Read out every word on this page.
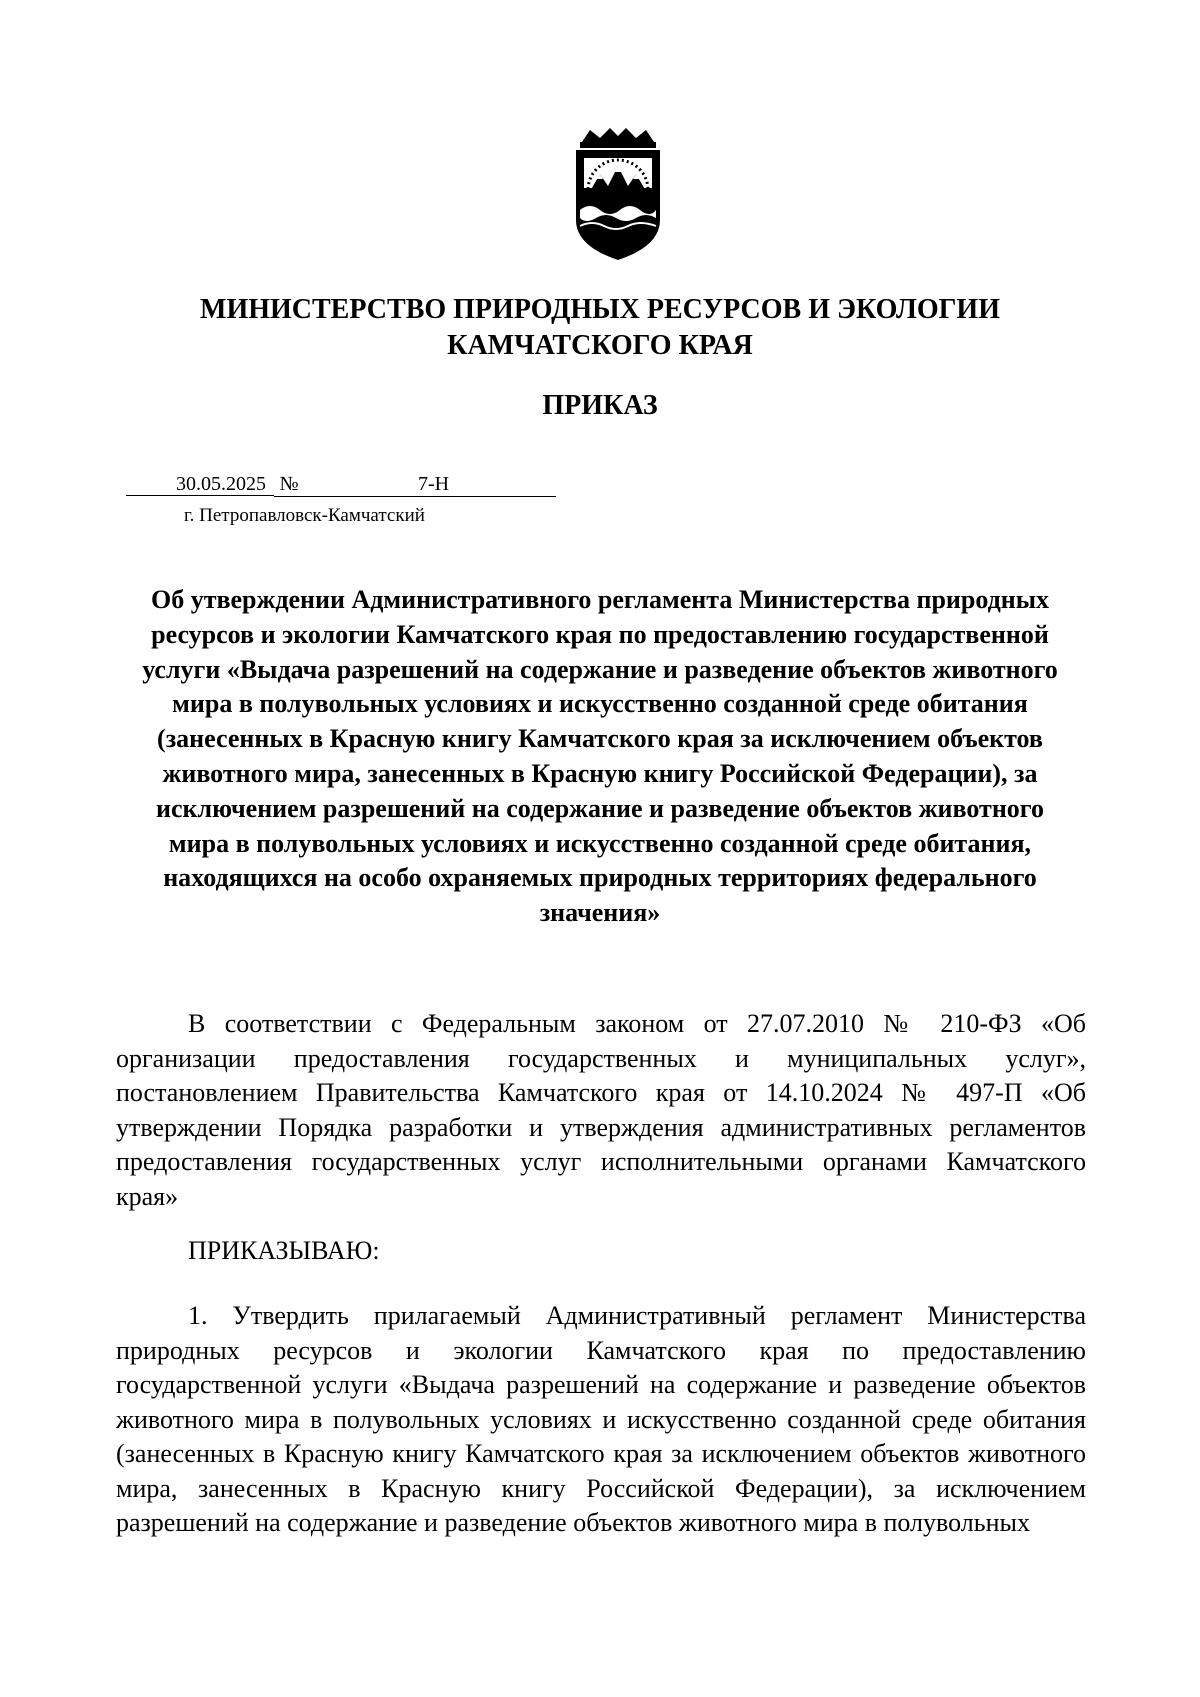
МИНИСТЕРСТВО ПРИРОДНЫХ РЕСУРСОВ И ЭКОЛОГИИ
КАМЧАТСКОГО КРАЯ
ПРИКАЗ
30.05.2025 №	7-Н
г. Петропавловск-Камчатский

Об утверждении Административного регламента Министерства природных ресурсов и экологии Камчатского края по предоставлению государственной услуги «Выдача разрешений на содержание и разведение объектов животного мира в полувольных условиях и искусственно созданной среде обитания (занесенных в Красную книгу Камчатского края за исключением объектов животного мира, занесенных в Красную книгу Российской Федерации), за исключением разрешений на содержание и разведение объектов животного мира в полувольных условиях и искусственно созданной среде обитания, находящихся на особо охраняемых природных территориях федерального значения»

В соответствии с Федеральным законом от 27.07.2010 № 210-ФЗ «Об организации предоставления государственных и муниципальных услуг», постановлением Правительства Камчатского края от 14.10.2024 № 497-П «Об утверждении Порядка разработки и утверждения административных регламентов предоставления государственных услуг исполнительными органами Камчатского края»

ПРИКАЗЫВАЮ:

1. Утвердить прилагаемый Административный регламент Министерства природных ресурсов и экологии Камчатского края по предоставлению государственной услуги «Выдача разрешений на содержание и разведение объектов животного мира в полувольных условиях и искусственно созданной среде обитания (занесенных в Красную книгу Камчатского края за исключением объектов животного мира, занесенных в Красную книгу Российской Федерации), за исключением разрешений на содержание и разведение объектов животного мира в полувольных
